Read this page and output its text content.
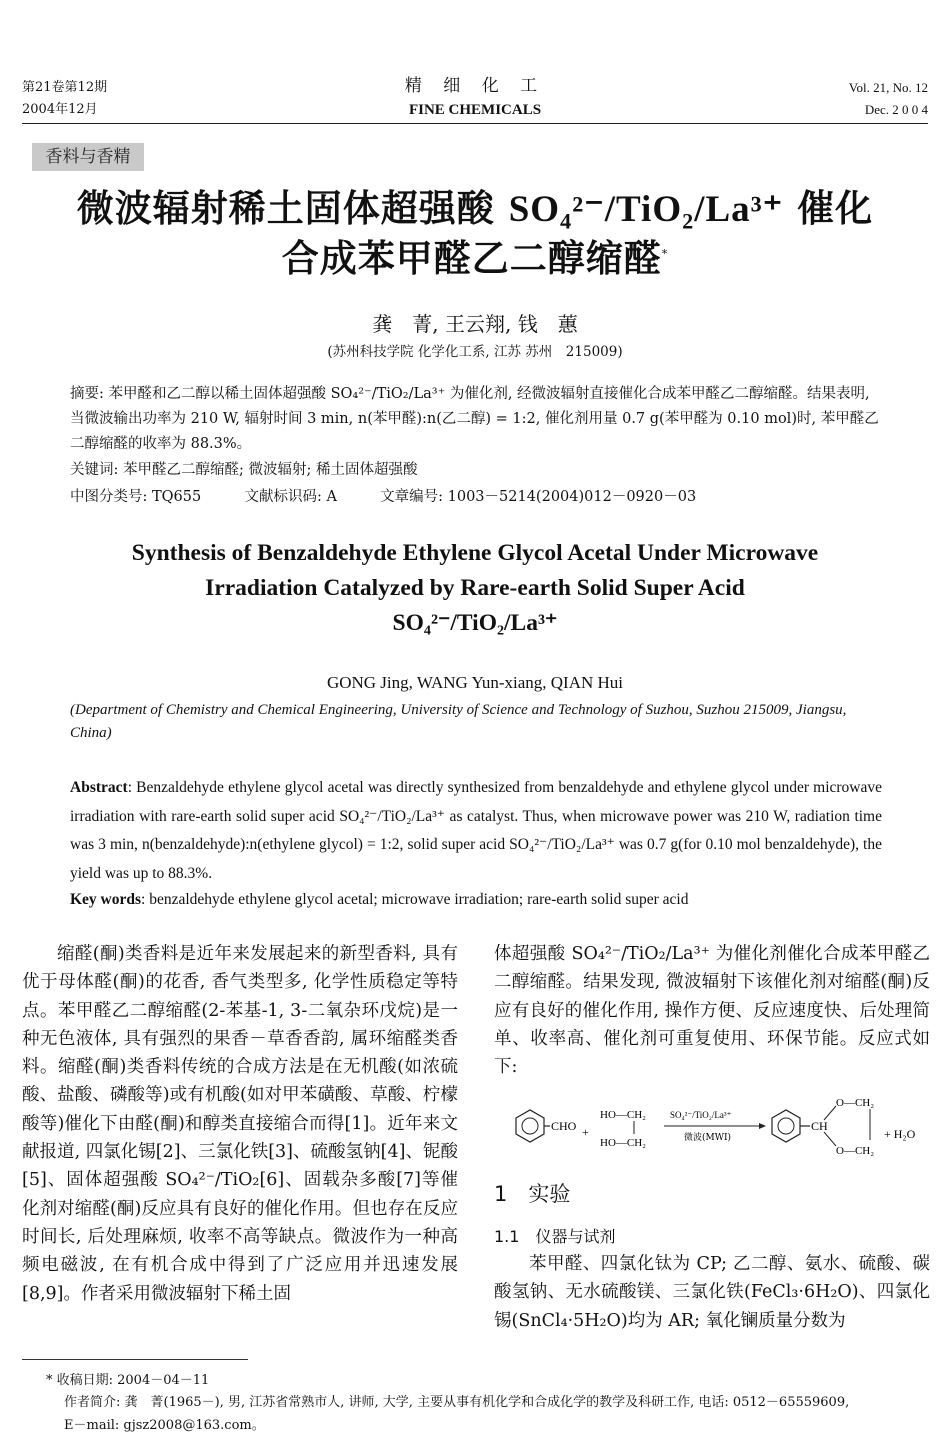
第21卷第12期
2004年12月
精 细 化 工
FINE CHEMICALS
Vol. 21, No. 12
Dec. 2 0 0 4
香料与香精
微波辐射稀土固体超强酸 SO₄²⁻/TiO₂/La³⁺ 催化
合成苯甲醛乙二醇缩醛*
龚　菁, 王云翔, 钱　蕙
(苏州科技学院 化学化工系, 江苏 苏州　215009)
摘要: 苯甲醛和乙二醇以稀土固体超强酸 SO₄²⁻/TiO₂/La³⁺ 为催化剂, 经微波辐射直接催化合成苯甲醛乙二醇缩醛。结果表明, 当微波输出功率为 210 W, 辐射时间 3 min, n(苯甲醛):n(乙二醇) = 1:2, 催化剂用量 0.7 g(苯甲醛为 0.10 mol)时, 苯甲醛乙二醇缩醛的收率为 88.3%。
关键词: 苯甲醛乙二醇缩醛; 微波辐射; 稀土固体超强酸
中图分类号: TQ655	文献标识码: A	文章编号: 1003－5214(2004)012－0920－03
Synthesis of Benzaldehyde Ethylene Glycol Acetal Under Microwave
Irradiation Catalyzed by Rare-earth Solid Super Acid
SO₄²⁻/TiO₂/La³⁺
GONG Jing, WANG Yun-xiang, QIAN Hui
(Department of Chemistry and Chemical Engineering, University of Science and Technology of Suzhou, Suzhou 215009, Jiangsu, China)
Abstract: Benzaldehyde ethylene glycol acetal was directly synthesized from benzaldehyde and ethylene glycol under microwave irradiation with rare-earth solid super acid SO₄²⁻/TiO₂/La³⁺ as catalyst. Thus, when microwave power was 210 W, radiation time was 3 min, n(benzaldehyde):n(ethylene glycol) = 1:2, solid super acid SO₄²⁻/TiO₂/La³⁺ was 0.7 g(for 0.10 mol benzaldehyde), the yield was up to 88.3%.
Key words: benzaldehyde ethylene glycol acetal; microwave irradiation; rare-earth solid super acid

缩醛(酮)类香料是近年来发展起来的新型香料, 具有优于母体醛(酮)的花香, 香气类型多, 化学性质稳定等特点。苯甲醛乙二醇缩醛(2-苯基-1, 3-二氧杂环戊烷)是一种无色液体, 具有强烈的果香－草香香韵, 属环缩醛类香料。缩醛(酮)类香料传统的合成方法是在无机酸(如浓硫酸、盐酸、磷酸等)或有机酸(如对甲苯磺酸、草酸、柠檬酸等)催化下由醛(酮)和醇类直接缩合而得[1]。近年来文献报道, 四氯化锡[2]、三氯化铁[3]、硫酸氢钠[4]、铌酸[5]、固体超强酸 SO₄²⁻/TiO₂[6]、固载杂多酸[7]等催化剂对缩醛(酮)反应具有良好的催化作用。但也存在反应时间长, 后处理麻烦, 收率不高等缺点。微波作为一种高频电磁波, 在有机合成中得到了广泛应用并迅速发展[8,9]。作者采用微波辐射下稀土固

体超强酸 SO₄²⁻/TiO₂/La³⁺ 为催化剂催化合成苯甲醛乙二醇缩醛。结果发现, 微波辐射下该催化剂对缩醛(酮)反应有良好的催化作用, 操作方便、反应速度快、后处理简单、收率高、催化剂可重复使用、环保节能。反应式如下:

CHO +
HO—CH₂
HO—CH₂
SO₄²⁻/TiO₂/La³⁺
微波(MWI)
CH
O—CH₂
O—CH₂
+ H₂O
1　实验
1.1　仪器与试剂

苯甲醛、四氯化钛为 CP; 乙二醇、氨水、硫酸、碳酸氢钠、无水硫酸镁、三氯化铁(FeCl₃·6H₂O)、四氯化锡(SnCl₄·5H₂O)均为 AR; 氧化镧质量分数为

* 收稿日期: 2004－04－11
作者简介: 龚　菁(1965－), 男, 江苏省常熟市人, 讲师, 大学, 主要从事有机化学和合成化学的教学及科研工作, 电话: 0512－65559609,
E－mail: gjsz2008@163.com。
